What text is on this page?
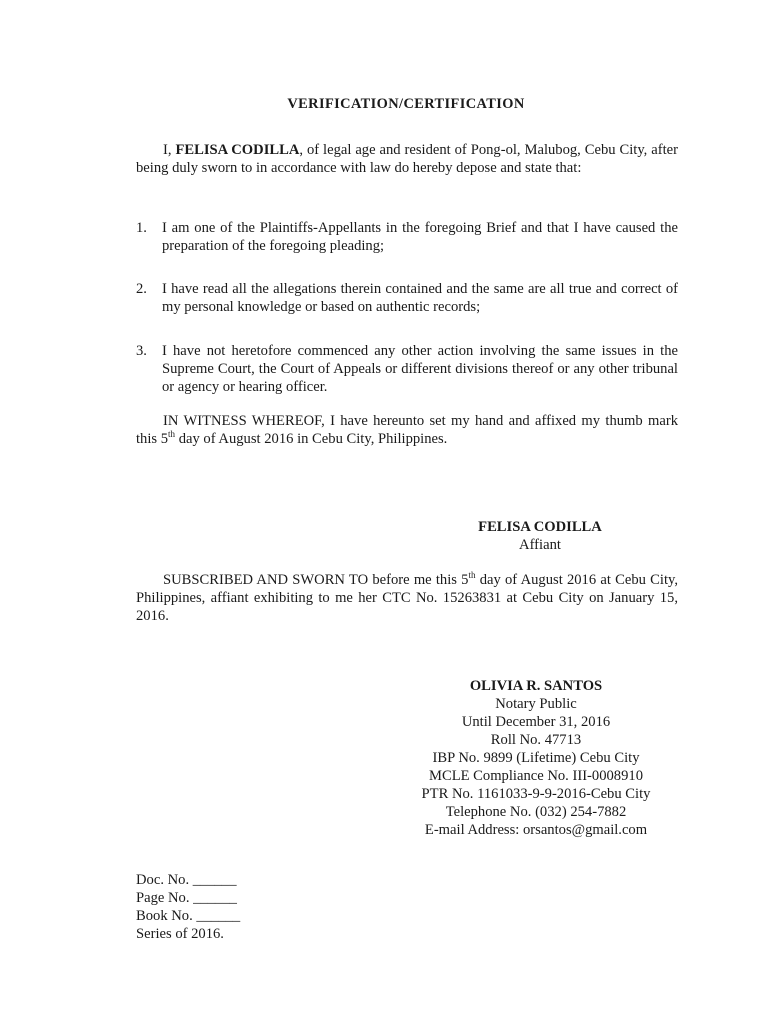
VERIFICATION/CERTIFICATION
I, FELISA CODILLA, of legal age and resident of Pong-ol, Malubog, Cebu City, after being duly sworn to in accordance with law do hereby depose and state that:
1. I am one of the Plaintiffs-Appellants in the foregoing Brief and that I have caused the preparation of the foregoing pleading;
2. I have read all the allegations therein contained and the same are all true and correct of my personal knowledge or based on authentic records;
3. I have not heretofore commenced any other action involving the same issues in the Supreme Court, the Court of Appeals or different divisions thereof or any other tribunal or agency or hearing officer.
IN WITNESS WHEREOF, I have hereunto set my hand and affixed my thumb mark this 5th day of August 2016 in Cebu City, Philippines.
FELISA CODILLA
Affiant
SUBSCRIBED AND SWORN TO before me this 5th day of August 2016 at Cebu City, Philippines, affiant exhibiting to me her CTC No. 15263831 at Cebu City on January 15, 2016.
OLIVIA R. SANTOS
Notary Public
Until December 31, 2016
Roll No. 47713
IBP No. 9899 (Lifetime) Cebu City
MCLE Compliance No. III-0008910
PTR No. 1161033-9-9-2016-Cebu City
Telephone No. (032) 254-7882
E-mail Address: orsantos@gmail.com
Doc. No. ______
Page No. ______
Book No. ______
Series of 2016.
